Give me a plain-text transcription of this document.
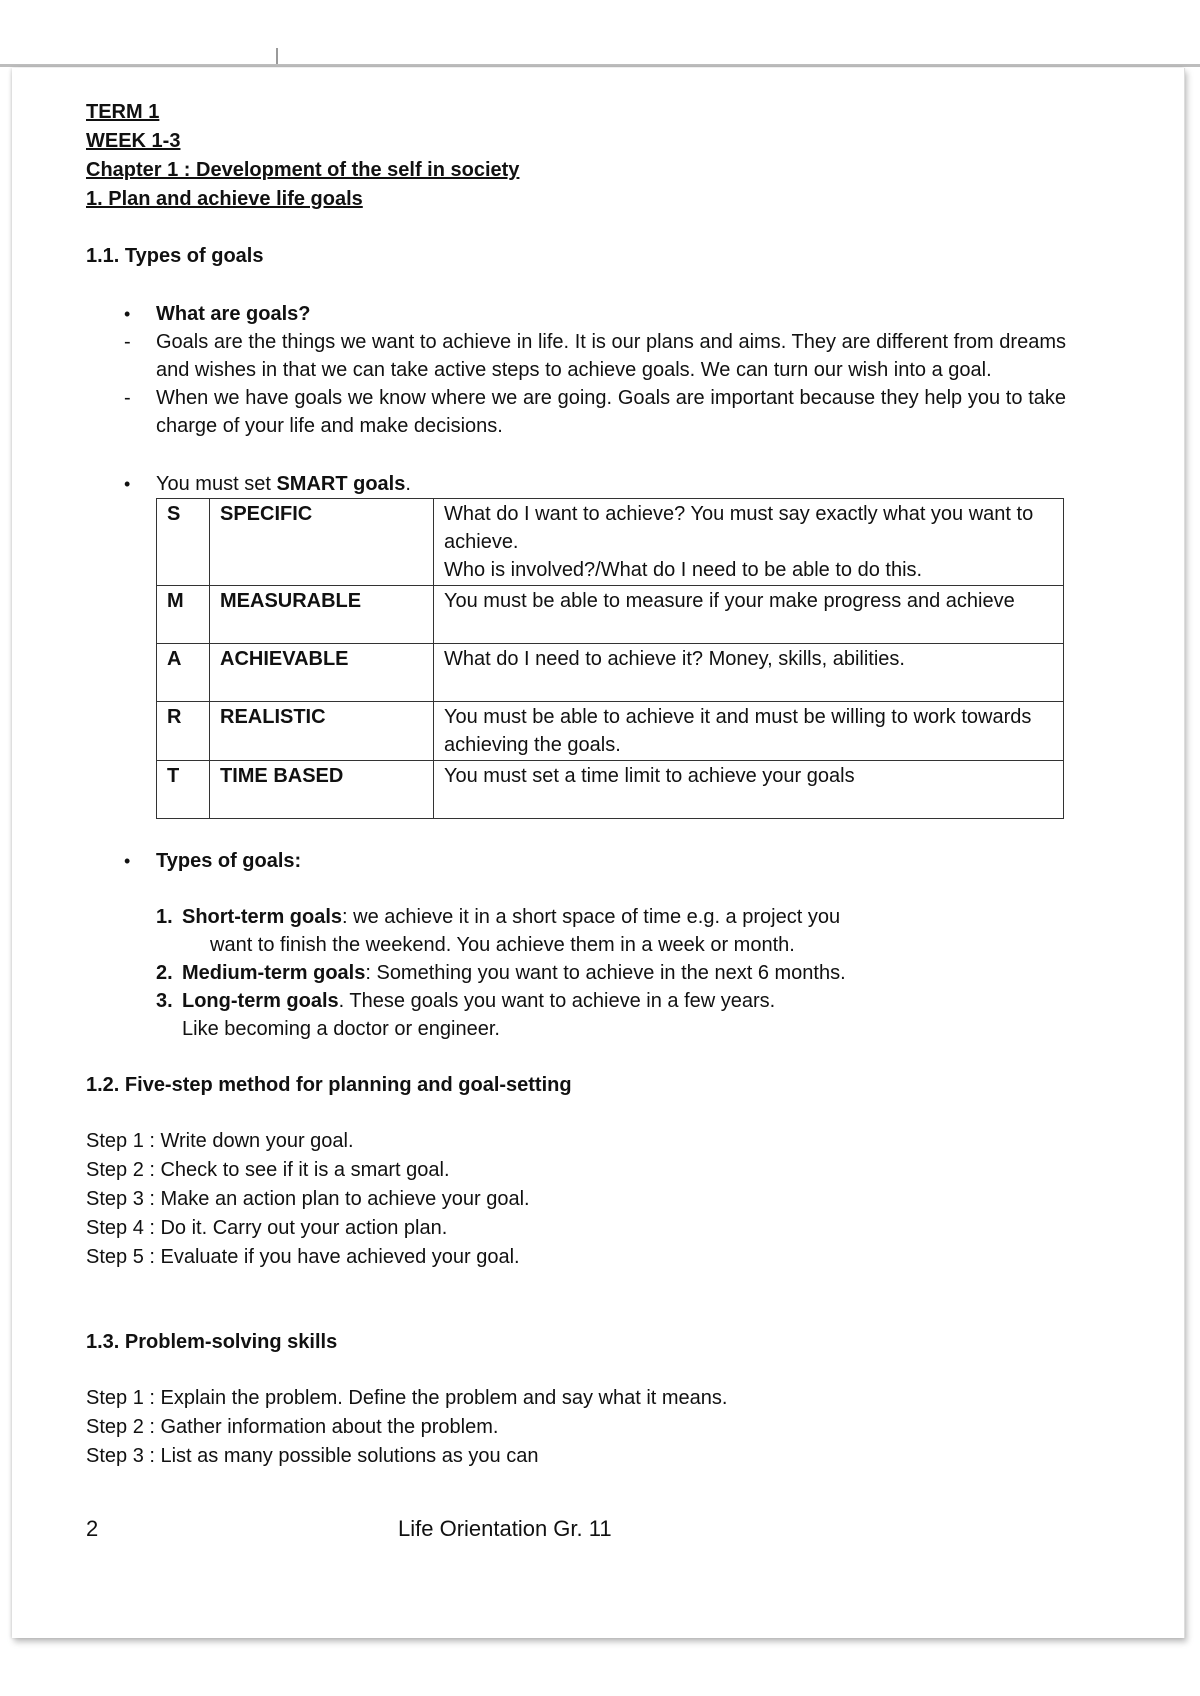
TERM 1
WEEK 1-3
Chapter 1 : Development of the self in society
1. Plan and achieve life goals
1.1. Types of goals
• What are goals?
- Goals are the things we want to achieve in life. It is our plans and aims. They are different from dreams and wishes in that we can take active steps to achieve goals. We can turn our wish into a goal.
- When we have goals we know where we are going. Goals are important because they help you to take charge of your life and make decisions.
• You must set SMART goals.
S	SPECIFIC	What do I want to achieve? You must say exactly what you want to achieve.
Who is involved?/What do I need to be able to do this.
M	MEASURABLE	You must be able to measure if your make progress and achieve
A	ACHIEVABLE	What do I need to achieve it? Money, skills, abilities.
R	REALISTIC	You must be able to achieve it and must be willing to work towards achieving the goals.
T	TIME BASED	You must set a time limit to achieve your goals
• Types of goals:
1. Short-term goals: we achieve it in a short space of time e.g. a project you
want to finish the weekend. You achieve them in a week or month.
2. Medium-term goals: Something you want to achieve in the next 6 months.
3. Long-term goals. These goals you want to achieve in a few years.
Like becoming a doctor or engineer.
1.2. Five-step method for planning and goal-setting
Step 1 : Write down your goal.
Step 2 : Check to see if it is a smart goal.
Step 3 : Make an action plan to achieve your goal.
Step 4 : Do it. Carry out your action plan.
Step 5 : Evaluate if you have achieved your goal.
1.3. Problem-solving skills
Step 1 : Explain the problem. Define the problem and say what it means.
Step 2 : Gather information about the problem.
Step 3 : List as many possible solutions as you can
2	Life Orientation Gr. 11
